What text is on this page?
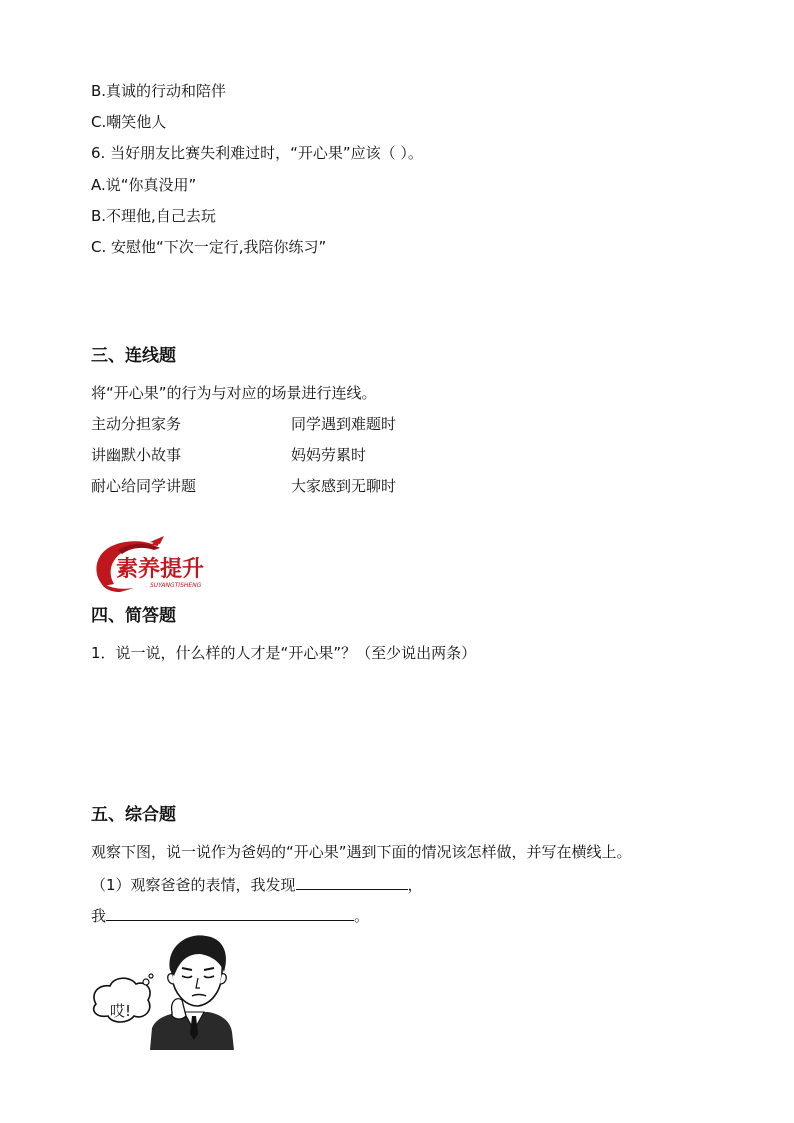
B.真诚的行动和陪伴
C.嘲笑他人
6. 当好朋友比赛失利难过时，“开心果”应该（ ）。
A.说“你真没用”
B.不理他,自己去玩
C. 安慰他“下次一定行,我陪你练习”
三、连线题
将“开心果”的行为与对应的场景进行连线。
主动分担家务	同学遇到难题时
讲幽默小故事	妈妈劳累时
耐心给同学讲题	大家感到无聊时
素养提升
SUYANGTISHENG
四、简答题
1．说一说，什么样的人才是“开心果”？（至少说出两条）
五、综合题
观察下图，说一说作为爸妈的“开心果”遇到下面的情况该怎样做，并写在横线上。
（1）观察爸爸的表情，我发现	，
我	。
哎!
